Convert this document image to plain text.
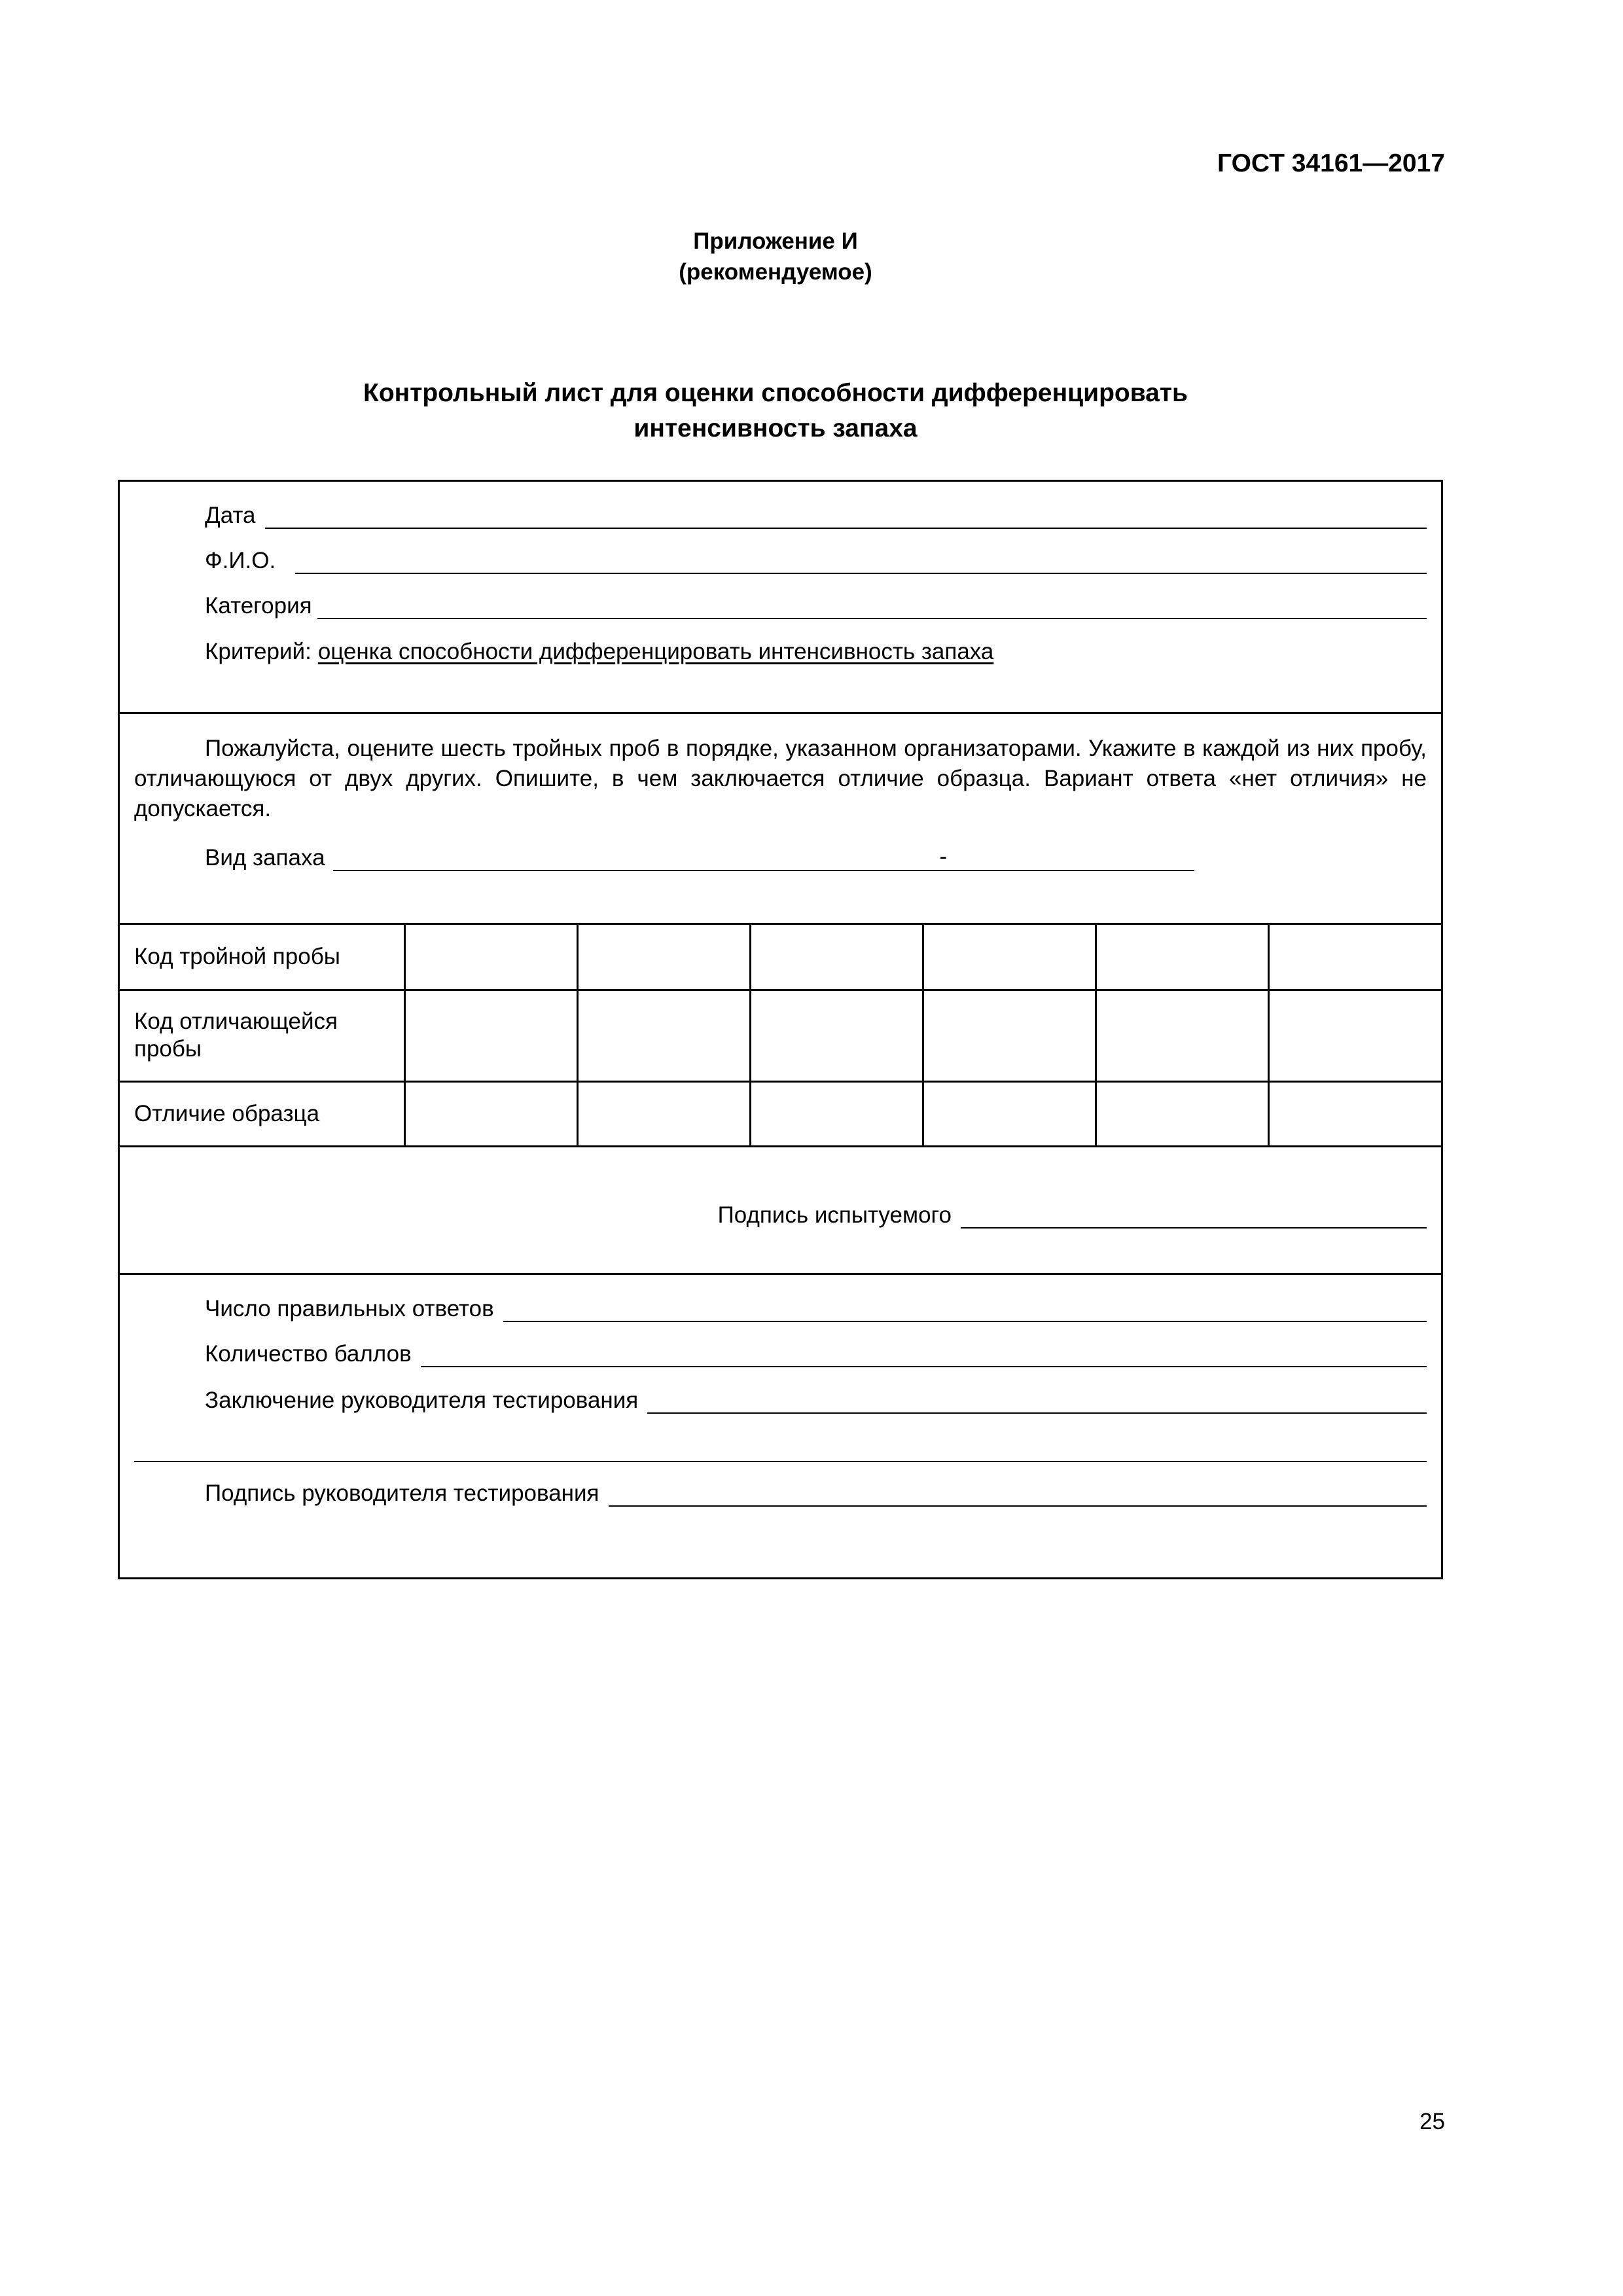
ГОСТ 34161—2017
Приложение И
(рекомендуемое)
Контрольный лист для оценки способности дифференцировать
интенсивность запаха
Дата
Ф.И.О.
Категория
Критерий: оценка способности дифференцировать интенсивность запаха

Пожалуйста, оцените шесть тройных проб в порядке, указанном организаторами. Укажите в каждой из них пробу, отличающуюся от двух других. Опишите, в чем заключается отличие образца. Вариант ответа «нет отличия» не допускается.

Вид запаха	-
Код тройной пробы						
Код отличающейся пробы						
Отличие образца						
Подпись испытуемого
Число правильных ответов
Количество баллов
Заключение руководителя тестирования
Подпись руководителя тестирования
25
